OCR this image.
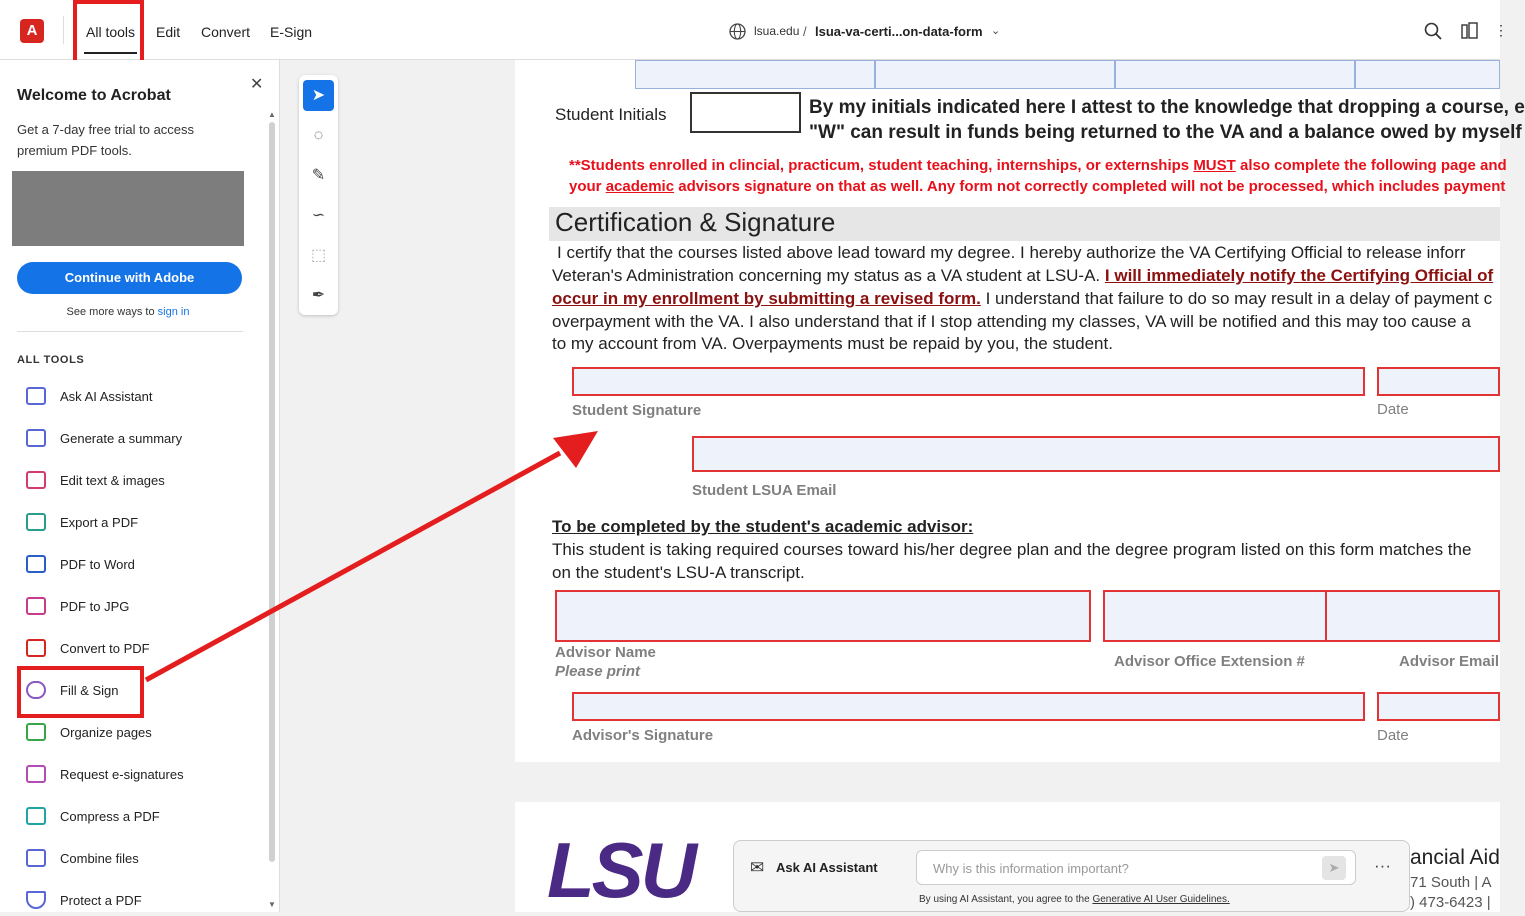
A	All tools Edit Convert E-Sign	lsua.edu / lsua-va-certi...on-data-form ⌄	⋮
✕
Welcome to Acrobat
Get a 7-day free trial to access premium PDF tools.
Continue with Adobe
See more ways to sign in
ALL TOOLS
Ask AI Assistant
Generate a summary
Edit text & images
Export a PDF
PDF to Word
PDF to JPG
Convert to PDF
Fill & Sign
Organize pages
Request e-signatures
Compress a PDF
Combine files
Protect a PDF
▲
▼
➤
◌
✎
∽
⬚
✒
Student Initials	By my initials indicated here I attest to the knowledge that dropping a course, e
"W" can result in funds being returned to the VA and a balance owed by myself
**Students enrolled in clincial, practicum, student teaching, internships, or externships MUST also complete the following page and
your academic advisors signature on that as well. Any form not correctly completed will not be processed, which includes payment
Certification & Signature
I certify that the courses listed above lead toward my degree. I hereby authorize the VA Certifying Official to release inforr
Veteran's Administration concerning my status as a VA student at LSU-A. I will immediately notify the Certifying Official of
occur in my enrollment by submitting a revised form. I understand that failure to do so may result in a delay of payment c
overpayment with the VA. I also understand that if I stop attending my classes, VA will be notified and this may too cause a
to my account from VA. Overpayments must be repaid by you, the student.
Student Signature	Date
Student LSUA Email
To be completed by the student's academic advisor:
This student is taking required courses toward his/her degree plan and the degree program listed on this form matches the
on the student's LSU-A transcript.
Advisor Name
Please print
Advisor Office Extension #	Advisor Email
Advisor's Signature	Date
LSU	ancial Aid
71 South | A
) 473-6423 |
✉ Ask AI Assistant	Why is this information important?	➤	···
By using AI Assistant, you agree to the Generative AI User Guidelines.
